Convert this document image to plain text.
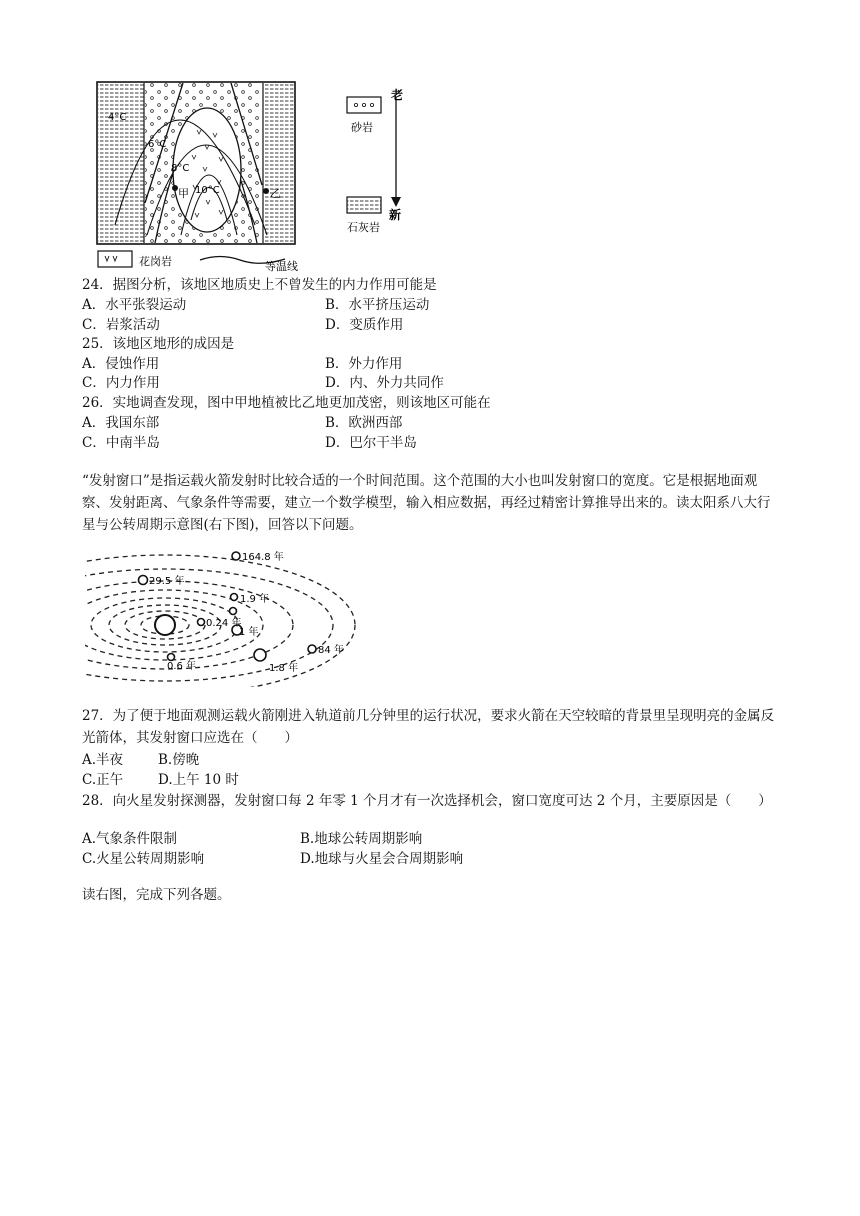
4°C
6°C
8°C
10°C
甲	乙
砂岩
石灰岩
老
新
花岗岩	等温线
24．据图分析，该地区地质史上不曾发生的内力作用可能是
A．水平张裂运动	B．水平挤压运动
C．岩浆活动	D．变质作用
25．该地区地形的成因是
A．侵蚀作用	B．外力作用
C．内力作用	D．内、外力共同作
26．实地调查发现，图中甲地植被比乙地更加茂密，则该地区可能在
A．我国东部	B．欧洲西部
C．中南半岛	D．巴尔干半岛
“发射窗口”是指运载火箭发射时比较合适的一个时间范围。这个范围的大小也叫发射窗口的宽度。它是根据地面观察、发射距离、气象条件等需要，建立一个数学模型，输入相应数据，再经过精密计算推导出来的。读太阳系八大行星与公转周期示意图(右下图)，回答以下问题。
164.8 年
29.5 年
1.9 年
0.24 年
1 年
0.6 年	1.8 年
84 年
27．为了便于地面观测运载火箭刚进入轨道前几分钟里的运行状况，要求火箭在天空较暗的背景里呈现明亮的金属反光箭体，其发射窗口应选在（　　）
A.半夜	B.傍晚
C.正午	D.上午 10 时
28．向火星发射探测器，发射窗口每 2 年零 1 个月才有一次选择机会，窗口宽度可达 2 个月，主要原因是（　　）
A.气象条件限制	B.地球公转周期影响
C.火星公转周期影响	D.地球与火星会合周期影响
读右图，完成下列各题。
